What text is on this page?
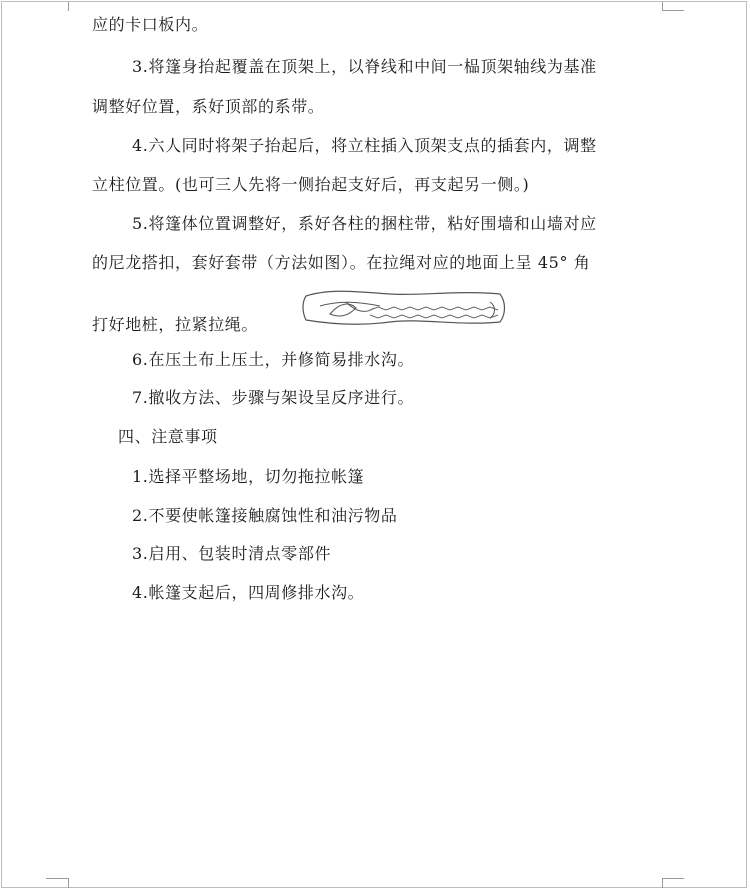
应的卡口板内。
3.将篷身抬起覆盖在顶架上，以脊线和中间一榀顶架轴线为基准
调整好位置，系好顶部的系带。
4.六人同时将架子抬起后，将立柱插入顶架支点的插套内，调整
立柱位置。(也可三人先将一侧抬起支好后，再支起另一侧。)
5.将篷体位置调整好，系好各柱的捆柱带，粘好围墙和山墙对应
的尼龙搭扣，套好套带（方法如图）。在拉绳对应的地面上呈 45° 角
打好地桩，拉紧拉绳。
6.在压土布上压土，并修简易排水沟。
7.撤收方法、步骤与架设呈反序进行。
四、注意事项
1.选择平整场地，切勿拖拉帐篷
2.不要使帐篷接触腐蚀性和油污物品
3.启用、包装时清点零部件
4.帐篷支起后，四周修排水沟。
